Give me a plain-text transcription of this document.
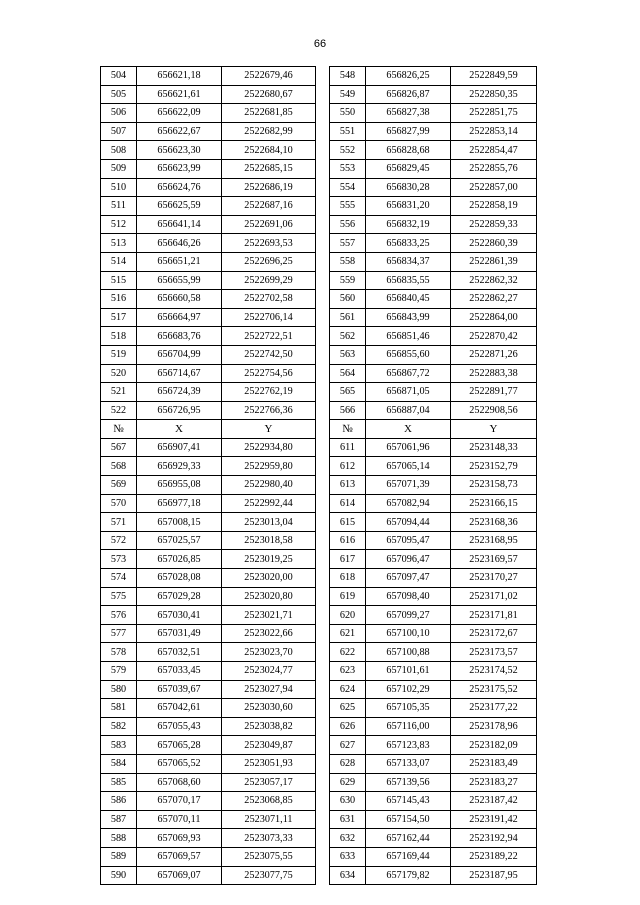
66
504	656621,18	2522679,46		548	656826,25	2522849,59
505	656621,61	2522680,67		549	656826,87	2522850,35
506	656622,09	2522681,85		550	656827,38	2522851,75
507	656622,67	2522682,99		551	656827,99	2522853,14
508	656623,30	2522684,10		552	656828,68	2522854,47
509	656623,99	2522685,15		553	656829,45	2522855,76
510	656624,76	2522686,19		554	656830,28	2522857,00
511	656625,59	2522687,16		555	656831,20	2522858,19
512	656641,14	2522691,06		556	656832,19	2522859,33
513	656646,26	2522693,53		557	656833,25	2522860,39
514	656651,21	2522696,25		558	656834,37	2522861,39
515	656655,99	2522699,29		559	656835,55	2522862,32
516	656660,58	2522702,58		560	656840,45	2522862,27
517	656664,97	2522706,14		561	656843,99	2522864,00
518	656683,76	2522722,51		562	656851,46	2522870,42
519	656704,99	2522742,50		563	656855,60	2522871,26
520	656714,67	2522754,56		564	656867,72	2522883,38
521	656724,39	2522762,19		565	656871,05	2522891,77
522	656726,95	2522766,36		566	656887,04	2522908,56
№	X	Y		№	X	Y
567	656907,41	2522934,80		611	657061,96	2523148,33
568	656929,33	2522959,80		612	657065,14	2523152,79
569	656955,08	2522980,40		613	657071,39	2523158,73
570	656977,18	2522992,44		614	657082,94	2523166,15
571	657008,15	2523013,04		615	657094,44	2523168,36
572	657025,57	2523018,58		616	657095,47	2523168,95
573	657026,85	2523019,25		617	657096,47	2523169,57
574	657028,08	2523020,00		618	657097,47	2523170,27
575	657029,28	2523020,80		619	657098,40	2523171,02
576	657030,41	2523021,71		620	657099,27	2523171,81
577	657031,49	2523022,66		621	657100,10	2523172,67
578	657032,51	2523023,70		622	657100,88	2523173,57
579	657033,45	2523024,77		623	657101,61	2523174,52
580	657039,67	2523027,94		624	657102,29	2523175,52
581	657042,61	2523030,60		625	657105,35	2523177,22
582	657055,43	2523038,82		626	657116,00	2523178,96
583	657065,28	2523049,87		627	657123,83	2523182,09
584	657065,52	2523051,93		628	657133,07	2523183,49
585	657068,60	2523057,17		629	657139,56	2523183,27
586	657070,17	2523068,85		630	657145,43	2523187,42
587	657070,11	2523071,11		631	657154,50	2523191,42
588	657069,93	2523073,33		632	657162,44	2523192,94
589	657069,57	2523075,55		633	657169,44	2523189,22
590	657069,07	2523077,75		634	657179,82	2523187,95
